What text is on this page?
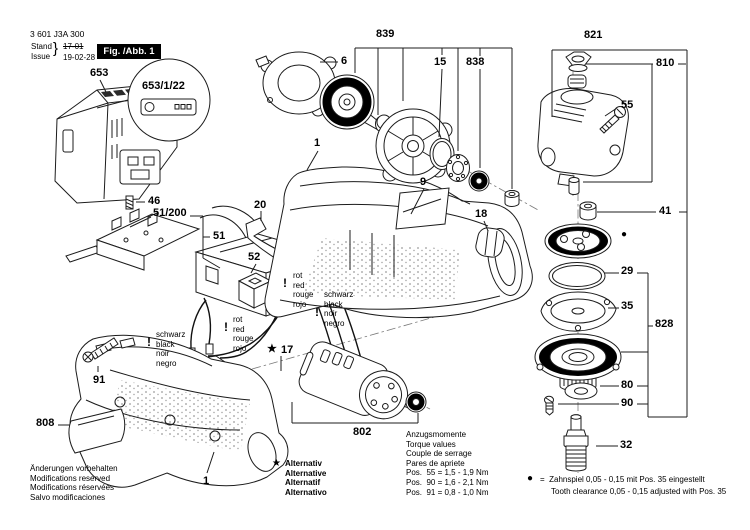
3 601 J3A 300
Stand } 17-01
Issue 19-02-28
Fig. /Abb. 1
653
653/1/22
46
51/200
51
6
839
15 838
1
9
18
20
52
★ 17
802
91
808
1
821
810
55
41
●
29
35
828
80
90
32
!
schwarz
black
noir
negro
!
rot
red
rouge
rojo
!
rot
red
rouge
rojo
!
schwarz
black
noir
negro
★ Alternativ
Alternative
Alternatif
Alternativo
Anzugsmomente
Torque values
Couple de serrage
Pares de apriete
Pos.  55 = 1,5 - 1,9 Nm
Pos.  90 = 1,6 - 2,1 Nm
Pos.  91 = 0,8 - 1,0 Nm
● =  Zahnspiel 0,05 - 0,15 mit Pos. 35 eingestellt
Tooth clearance 0,05 - 0,15 adjusted with Pos. 35
Änderungen vorbehalten
Modifications reserved
Modifications réservées
Salvo modificaciones
